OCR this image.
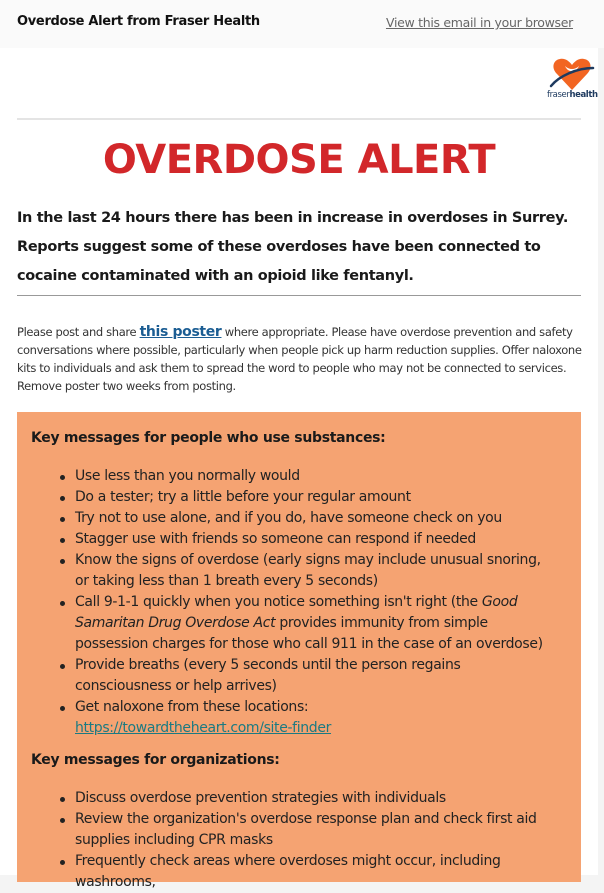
Overdose Alert from Fraser Health	View this email in your browser
fraserhealth
OVERDOSE ALERT
In the last 24 hours there has been in increase in overdoses in Surrey. Reports suggest some of these overdoses have been connected to cocaine contaminated with an opioid like fentanyl.
Please post and share this poster where appropriate. Please have overdose prevention and safety conversations where possible, particularly when people pick up harm reduction supplies. Offer naloxone kits to individuals and ask them to spread the word to people who may not be connected to services.
Remove poster two weeks from posting.
Key messages for people who use substances:
Use less than you normally would
Do a tester; try a little before your regular amount
Try not to use alone, and if you do, have someone check on you
Stagger use with friends so someone can respond if needed
Know the signs of overdose (early signs may include unusual snoring, or taking less than 1 breath every 5 seconds)
Call 9-1-1 quickly when you notice something isn't right (the Good Samaritan Drug Overdose Act provides immunity from simple possession charges for those who call 911 in the case of an overdose)
Provide breaths (every 5 seconds until the person regains consciousness or help arrives)
Get naloxone from these locations:
https://towardtheheart.com/site-finder
Key messages for organizations:
Discuss overdose prevention strategies with individuals
Review the organization's overdose response plan and check first aid supplies including CPR masks
Frequently check areas where overdoses might occur, including washrooms,
